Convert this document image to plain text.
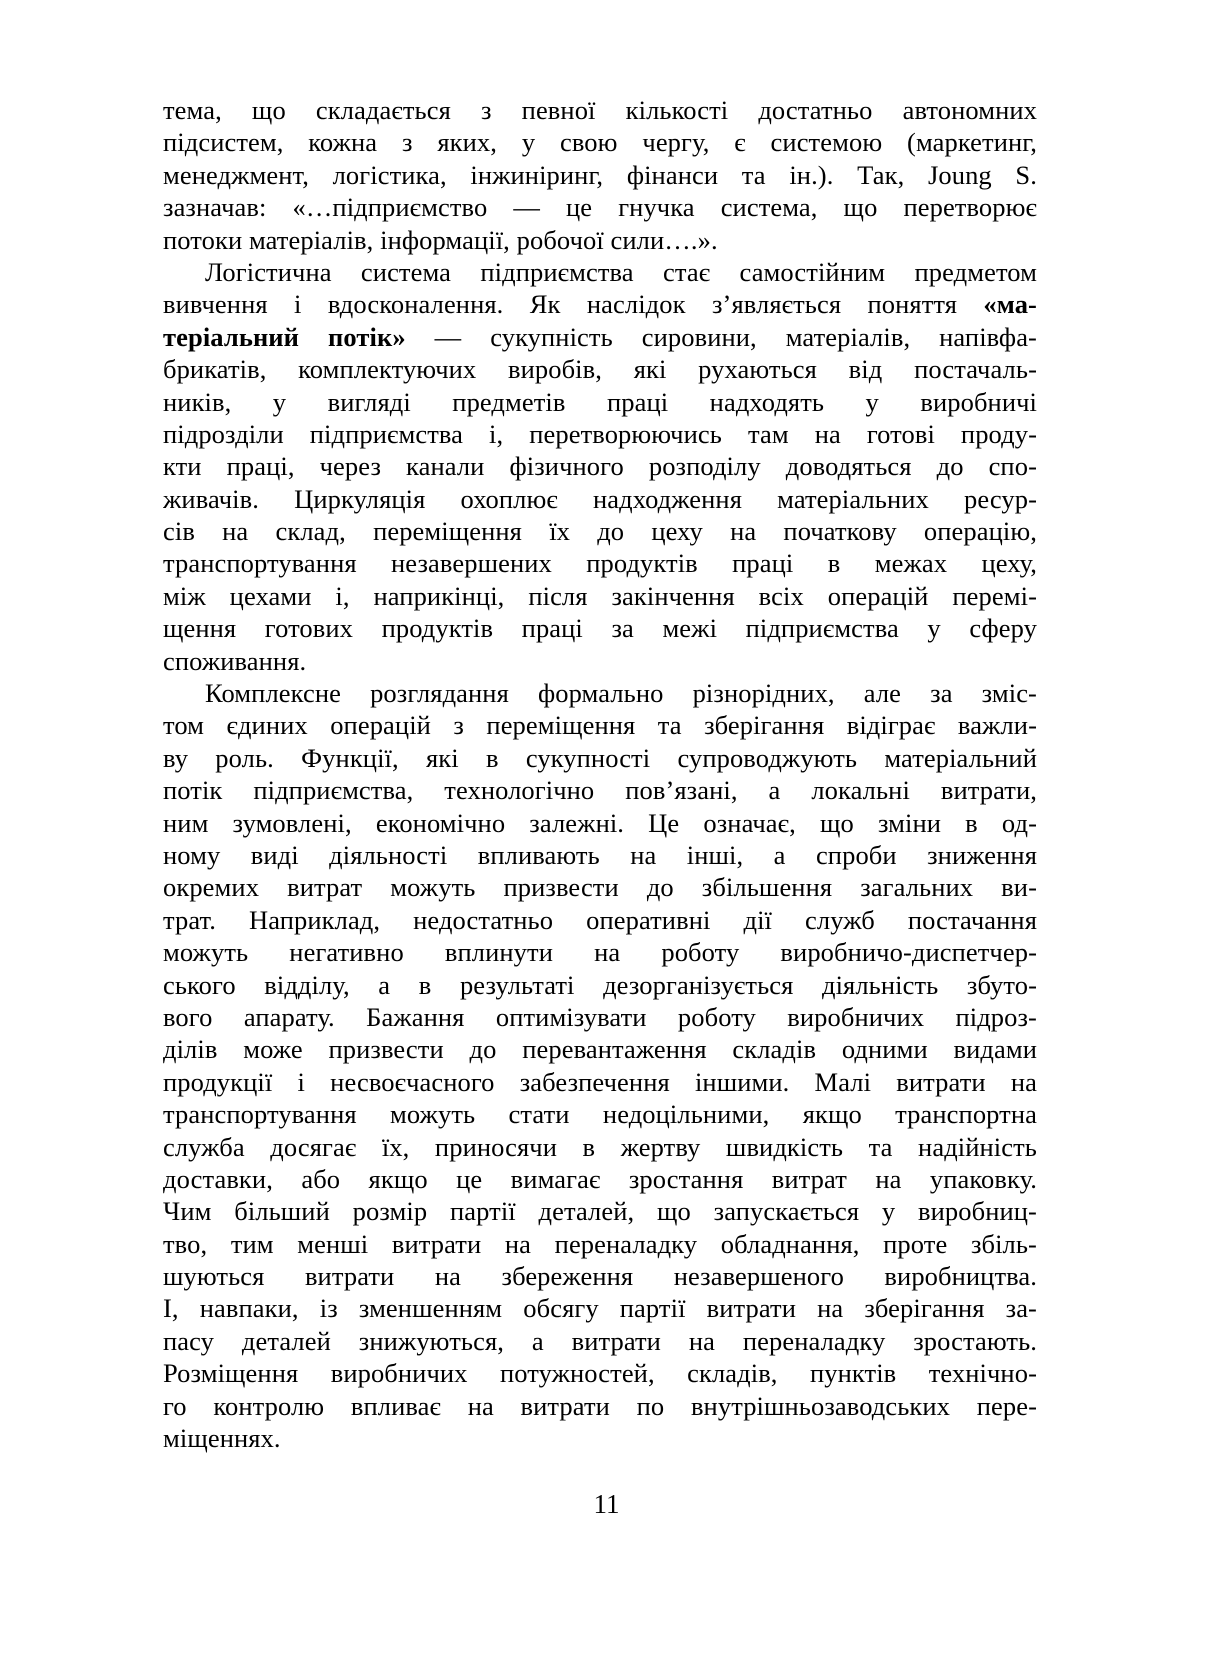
тема, що складається з певної кількості достатньо автономних
підсистем, кожна з яких, у свою чергу, є системою (маркетинг,
менеджмент, логістика, інжиніринг, фінанси та ін.). Так, Joung S.
зазначав: «…підприємство — це гнучка система, що перетворює
потоки матеріалів, інформації, робочої сили….».
Логістична система підприємства стає самостійним предметом
вивчення і вдосконалення. Як наслідок з’являється поняття «ма-
теріальний потік» — сукупність сировини, матеріалів, напівфа-
брикатів, комплектуючих виробів, які рухаються від постачаль-
ників, у вигляді предметів праці надходять у виробничі
підрозділи підприємства і, перетворюючись там на готові проду-
кти праці, через канали фізичного розподілу доводяться до спо-
живачів. Циркуляція охоплює надходження матеріальних ресур-
сів на склад, переміщення їх до цеху на початкову операцію,
транспортування незавершених продуктів праці в межах цеху,
між цехами і, наприкінці, після закінчення всіх операцій перемі-
щення готових продуктів праці за межі підприємства у сферу
споживання.
Комплексне розглядання формально різнорідних, але за зміс-
том єдиних операцій з переміщення та зберігання відіграє важли-
ву роль. Функції, які в сукупності супроводжують матеріальний
потік підприємства, технологічно пов’язані, а локальні витрати,
ним зумовлені, економічно залежні. Це означає, що зміни в од-
ному виді діяльності впливають на інші, а спроби зниження
окремих витрат можуть призвести до збільшення загальних ви-
трат. Наприклад, недостатньо оперативні дії служб постачання
можуть негативно вплинути на роботу виробничо-диспетчер-
ського відділу, а в результаті дезорганізується діяльність збуто-
вого апарату. Бажання оптимізувати роботу виробничих підроз-
ділів може призвести до перевантаження складів одними видами
продукції і несвоєчасного забезпечення іншими. Малі витрати на
транспортування можуть стати недоцільними, якщо транспортна
служба досягає їх, приносячи в жертву швидкість та надійність
доставки, або якщо це вимагає зростання витрат на упаковку.
Чим більший розмір партії деталей, що запускається у виробниц-
тво, тим менші витрати на переналадку обладнання, проте збіль-
шуються витрати на збереження незавершеного виробництва.
І, навпаки, із зменшенням обсягу партії витрати на зберігання за-
пасу деталей знижуються, а витрати на переналадку зростають.
Розміщення виробничих потужностей, складів, пунктів технічно-
го контролю впливає на витрати по внутрішньозаводських пере-
міщеннях.
11
